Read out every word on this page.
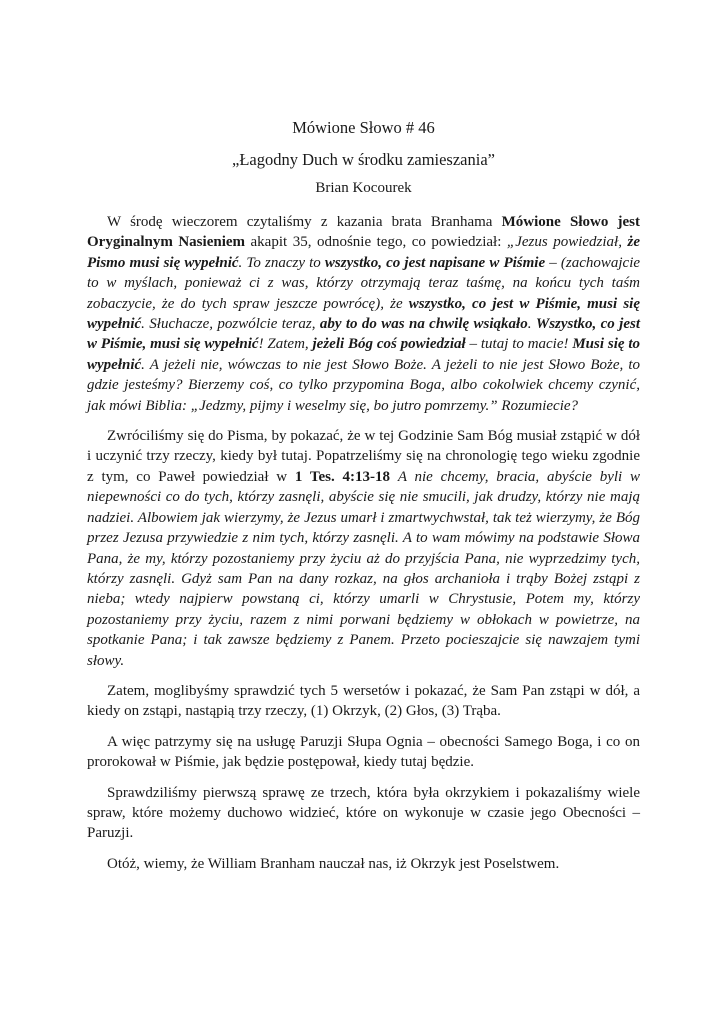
Mówione Słowo # 46
„Łagodny Duch w środku zamieszania”
Brian Kocourek

W środę wieczorem czytaliśmy z kazania brata Branhama Mówione Słowo jest Oryginalnym Nasieniem akapit 35, odnośnie tego, co powiedział: „Jezus powiedział, że Pismo musi się wypełnić. To znaczy to wszystko, co jest napisane w Piśmie – (zachowajcie to w myślach, ponieważ ci z was, którzy otrzymają teraz taśmę, na końcu tych taśm zobaczycie, że do tych spraw jeszcze powrócę), że wszystko, co jest w Piśmie, musi się wypełnić. Słuchacze, pozwólcie teraz, aby to do was na chwilę wsiąkało. Wszystko, co jest w Piśmie, musi się wypełnić! Zatem, jeżeli Bóg coś powiedział – tutaj to macie! Musi się to wypełnić. A jeżeli nie, wówczas to nie jest Słowo Boże. A jeżeli to nie jest Słowo Boże, to gdzie jesteśmy? Bierzemy coś, co tylko przypomina Boga, albo cokolwiek chcemy czynić, jak mówi Biblia: „Jedzmy, pijmy i weselmy się, bo jutro pomrzemy.” Rozumiecie?

Zwróciliśmy się do Pisma, by pokazać, że w tej Godzinie Sam Bóg musiał zstąpić w dół i uczynić trzy rzeczy, kiedy był tutaj. Popatrzeliśmy się na chronologię tego wieku zgodnie z tym, co Paweł powiedział w 1 Tes. 4:13-18 A nie chcemy, bracia, abyście byli w niepewności co do tych, którzy zasnęli, abyście się nie smucili, jak drudzy, którzy nie mają nadziei. Albowiem jak wierzymy, że Jezus umarł i zmartwychwstał, tak też wierzymy, że Bóg przez Jezusa przywiedzie z nim tych, którzy zasnęli. A to wam mówimy na podstawie Słowa Pana, że my, którzy pozostaniemy przy życiu aż do przyjścia Pana, nie wyprzedzimy tych, którzy zasnęli. Gdyż sam Pan na dany rozkaz, na głos archanioła i trąby Bożej zstąpi z nieba; wtedy najpierw powstaną ci, którzy umarli w Chrystusie, Potem my, którzy pozostaniemy przy życiu, razem z nimi porwani będziemy w obłokach w powietrze, na spotkanie Pana; i tak zawsze będziemy z Panem. Przeto pocieszajcie się nawzajem tymi słowy.

Zatem, moglibyśmy sprawdzić tych 5 wersetów i pokazać, że Sam Pan zstąpi w dół, a kiedy on zstąpi, nastąpią trzy rzeczy, (1) Okrzyk, (2) Głos, (3) Trąba.

A więc patrzymy się na usługę Paruzji Słupa Ognia – obecności Samego Boga, i co on prorokował w Piśmie, jak będzie postępował, kiedy tutaj będzie.

Sprawdziliśmy pierwszą sprawę ze trzech, która była okrzykiem i pokazaliśmy wiele spraw, które możemy duchowo widzieć, które on wykonuje w czasie jego Obecności – Paruzji.

Otóż, wiemy, że William Branham nauczał nas, iż Okrzyk jest Poselstwem.
